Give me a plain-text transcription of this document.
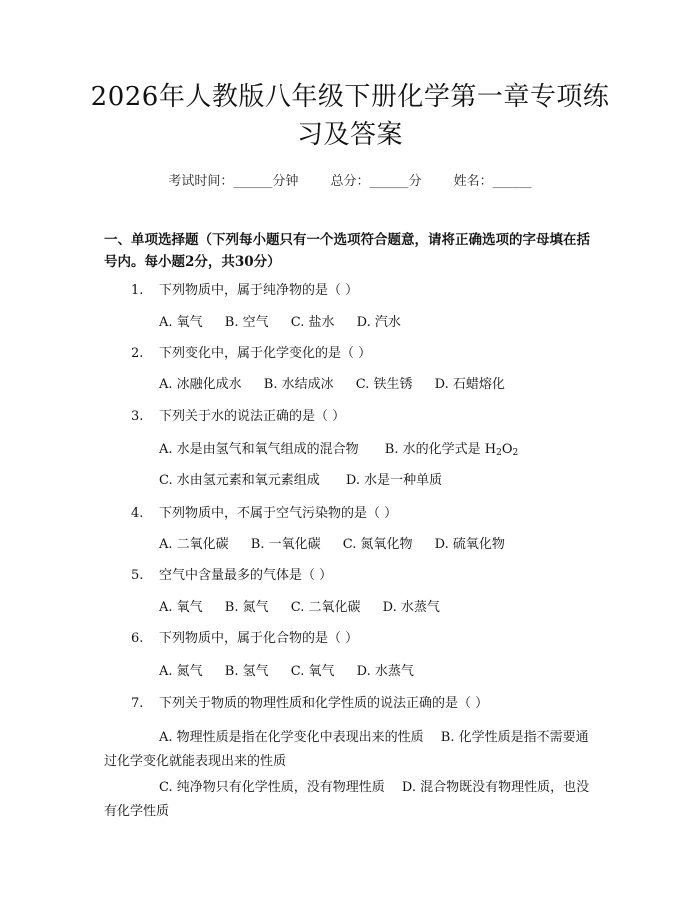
2026年人教版八年级下册化学第一章专项练
习及答案
考试时间：______分钟 总分：______分 姓名：______
一、单项选择题（下列每小题只有一个选项符合题意，请将正确选项的字母填在括号内。每小题2分，共30分）
1. 下列物质中，属于纯净物的是（ ）
A. 氧气 B. 空气 C. 盐水 D. 汽水
2. 下列变化中，属于化学变化的是（ ）
A. 冰融化成水 B. 水结成冰 C. 铁生锈 D. 石蜡熔化
3. 下列关于水的说法正确的是（ ）
A. 水是由氢气和氧气组成的混合物 B. 水的化学式是 $H_2O_2$
C. 水由氢元素和氧元素组成 D. 水是一种单质
4. 下列物质中，不属于空气污染物的是（ ）
A. 二氧化碳 B. 一氧化碳 C. 氮氧化物 D. 硫氧化物
5. 空气中含量最多的气体是（ ）
A. 氧气 B. 氮气 C. 二氧化碳 D. 水蒸气
6. 下列物质中，属于化合物的是（ ）
A. 氮气 B. 氢气 C. 氧气 D. 水蒸气
7. 下列关于物质的物理性质和化学性质的说法正确的是（ ）
A. 物理性质是指在化学变化中表现出来的性质　 B. 化学性质是指不需要通过化学变化就能表现出来的性质
C. 纯净物只有化学性质，没有物理性质　 D. 混合物既没有物理性质，也没有化学性质
